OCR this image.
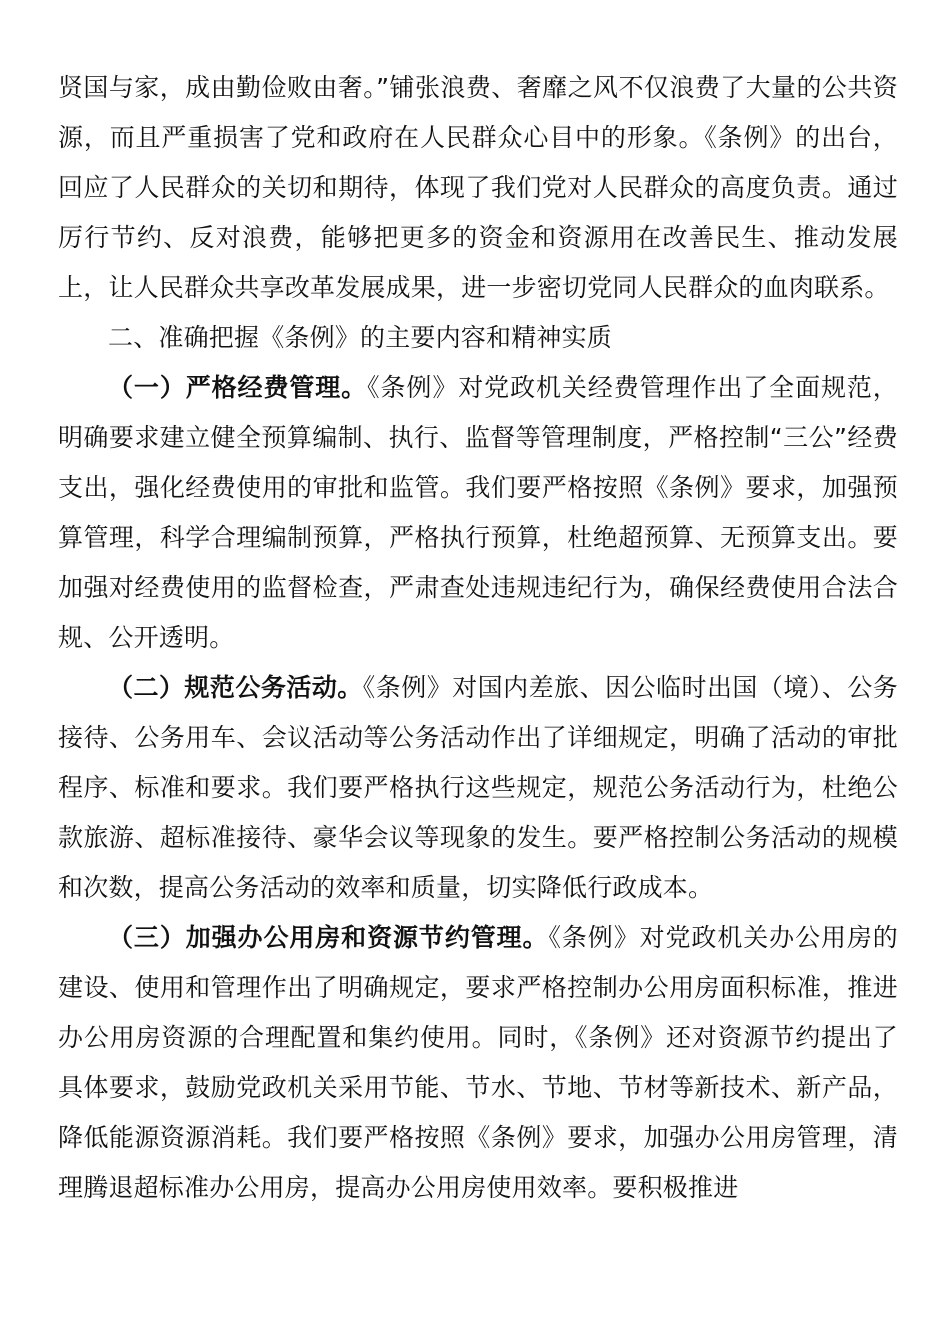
贤国与家，成由勤俭败由奢。”铺张浪费、奢靡之风不仅浪费了大量的公共资源，而且严重损害了党和政府在人民群众心目中的形象。《条例》的出台，回应了人民群众的关切和期待，体现了我们党对人民群众的高度负责。通过厉行节约、反对浪费，能够把更多的资金和资源用在改善民生、推动发展上，让人民群众共享改革发展成果，进一步密切党同人民群众的血肉联系。

二、准确把握《条例》的主要内容和精神实质

（一）严格经费管理。《条例》对党政机关经费管理作出了全面规范，明确要求建立健全预算编制、执行、监督等管理制度，严格控制“三公”经费支出，强化经费使用的审批和监管。我们要严格按照《条例》要求，加强预算管理，科学合理编制预算，严格执行预算，杜绝超预算、无预算支出。要加强对经费使用的监督检查，严肃查处违规违纪行为，确保经费使用合法合规、公开透明。

（二）规范公务活动。《条例》对国内差旅、因公临时出国（境）、公务接待、公务用车、会议活动等公务活动作出了详细规定，明确了活动的审批程序、标准和要求。我们要严格执行这些规定，规范公务活动行为，杜绝公款旅游、超标准接待、豪华会议等现象的发生。要严格控制公务活动的规模和次数，提高公务活动的效率和质量，切实降低行政成本。

（三）加强办公用房和资源节约管理。《条例》对党政机关办公用房的建设、使用和管理作出了明确规定，要求严格控制办公用房面积标准，推进办公用房资源的合理配置和集约使用。同时，《条例》还对资源节约提出了具体要求，鼓励党政机关采用节能、节水、节地、节材等新技术、新产品，降低能源资源消耗。我们要严格按照《条例》要求，加强办公用房管理，清理腾退超标准办公用房，提高办公用房使用效率。要积极推进
